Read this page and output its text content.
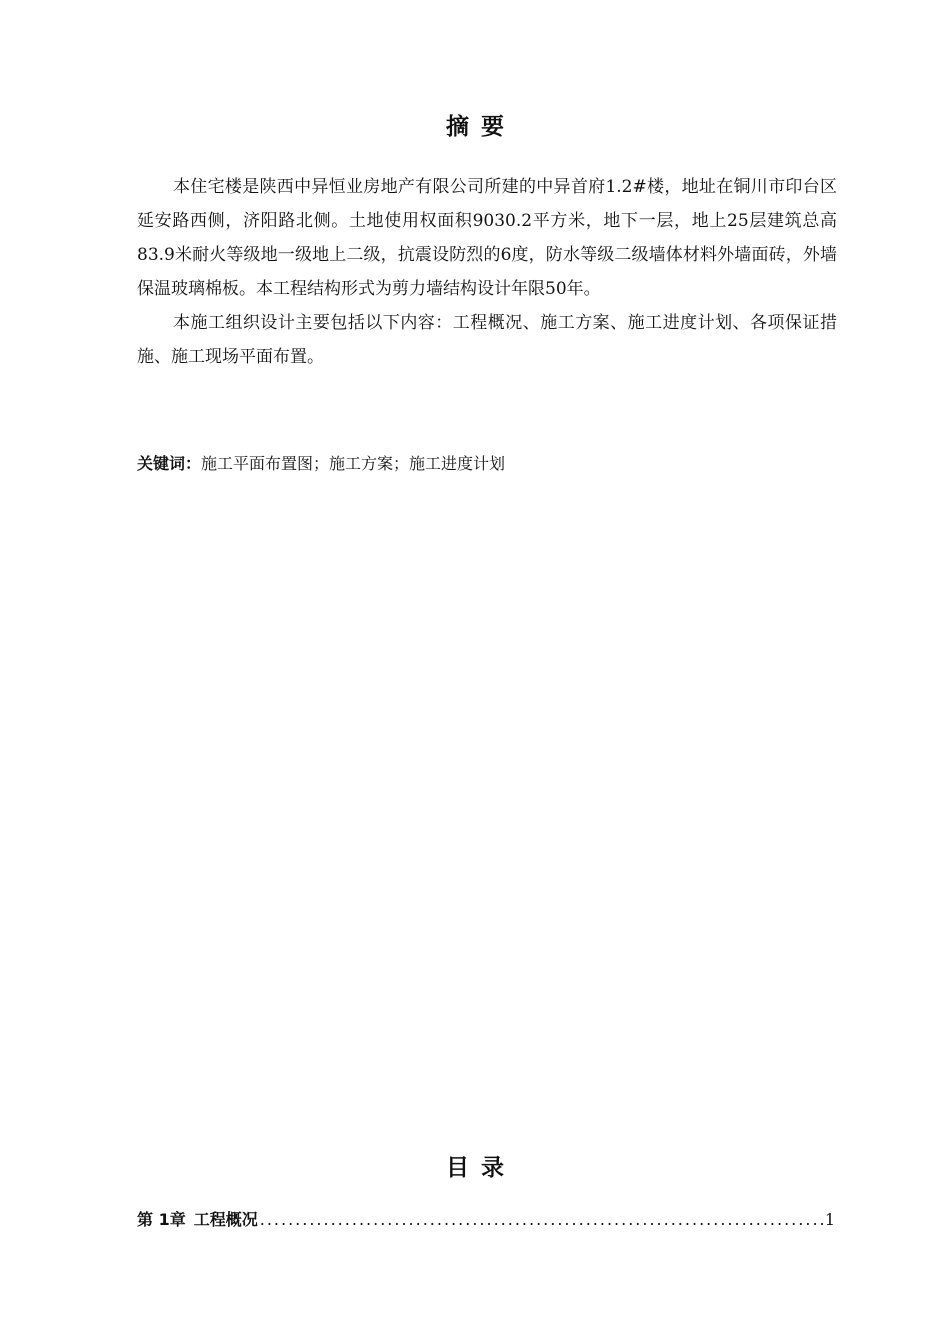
摘要

本住宅楼是陕西中异恒业房地产有限公司所建的中异首府1.2#楼，地址在铜川市印台区延安路西侧，济阳路北侧。土地使用权面积9030.2平方米，地下一层，地上25层建筑总高83.9米耐火等级地一级地上二级，抗震设防烈的6度，防水等级二级墙体材料外墙面砖，外墙保温玻璃棉板。本工程结构形式为剪力墙结构设计年限50年。

本施工组织设计主要包括以下内容：工程概况、施工方案、施工进度计划、各项保证措施、施工现场平面布置。

关键词：施工平面布置图；施工方案；施工进度计划
目录
第 1章 工程概况
.....	1
